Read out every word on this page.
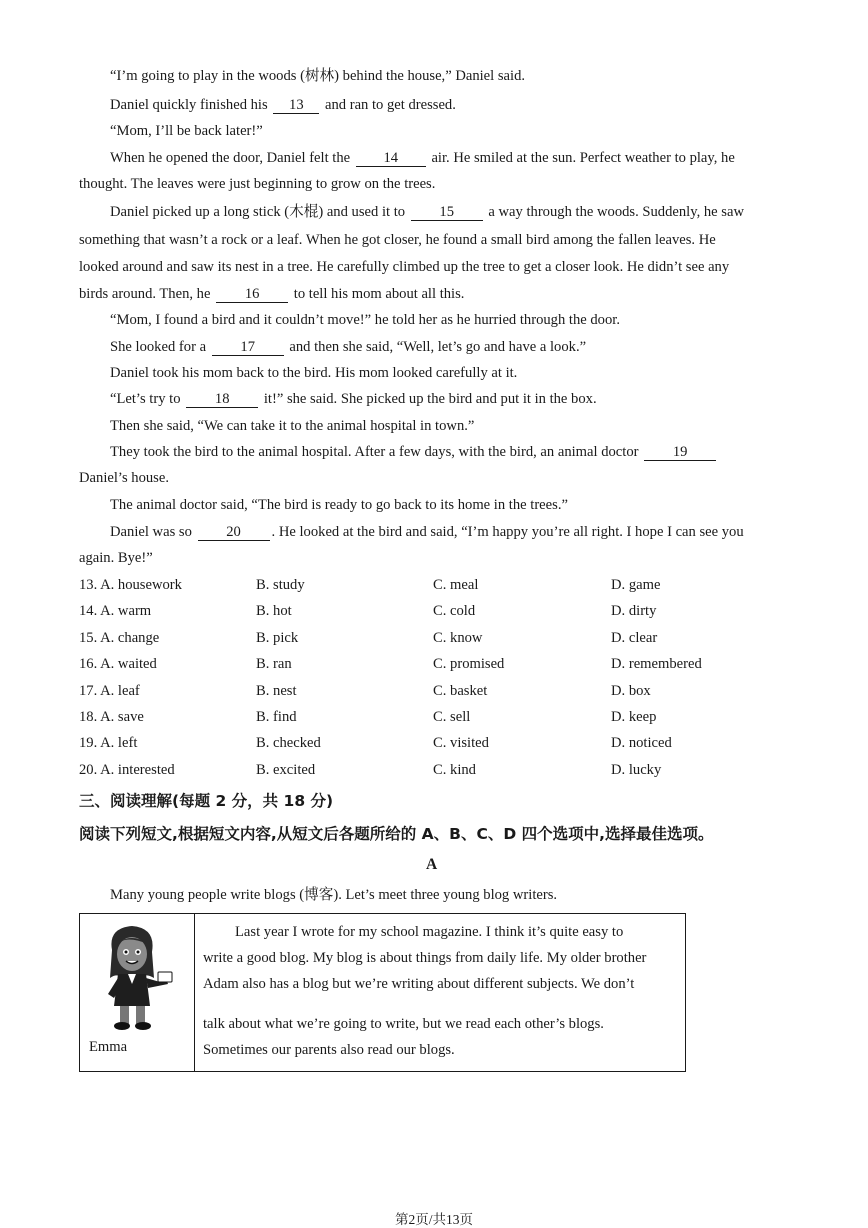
“I’m going to play in the woods (树林) behind the house,” Daniel said.
Daniel quickly finished his 13 and ran to get dressed.
“Mom, I’ll be back later!”
When he opened the door, Daniel felt the 14 air. He smiled at the sun. Perfect weather to play, he
thought. The leaves were just beginning to grow on the trees.
Daniel picked up a long stick (木棍) and used it to 15 a way through the woods. Suddenly, he saw
something that wasn’t a rock or a leaf. When he got closer, he found a small bird among the fallen leaves. He
looked around and saw its nest in a tree. He carefully climbed up the tree to get a closer look. He didn’t see any
birds around. Then, he 16 to tell his mom about all this.
“Mom, I found a bird and it couldn’t move!” he told her as he hurried through the door.
She looked for a 17 and then she said, “Well, let’s go and have a look.”
Daniel took his mom back to the bird. His mom looked carefully at it.
“Let’s try to 18 it!” she said. She picked up the bird and put it in the box.
Then she said, “We can take it to the animal hospital in town.”
They took the bird to the animal hospital. After a few days, with the bird, an animal doctor 19
Daniel’s house.
The animal doctor said, “The bird is ready to go back to its home in the trees.”
Daniel was so 20 . He looked at the bird and said, “I’m happy you’re all right. I hope I can see you
again. Bye!”
13. A. housework	B. study	C. meal	D. game
14. A. warm	B. hot	C. cold	D. dirty
15. A. change	B. pick	C. know	D. clear
16. A. waited	B. ran	C. promised	D. remembered
17. A. leaf	B. nest	C. basket	D. box
18. A. save	B. find	C. sell	D. keep
19. A. left	B. checked	C. visited	D. noticed
20. A. interested	B. excited	C. kind	D. lucky
三、阅读理解(每题 2 分，共 18 分)
阅读下列短文,根据短文内容,从短文后各题所给的 A、B、C、D 四个选项中,选择最佳选项。
A
Many young people write blogs (博客). Let’s meet three young blog writers.
Emma
Last year I wrote for my school magazine. I think it’s quite easy to
write a good blog. My blog is about things from daily life. My older brother
Adam also has a blog but we’re writing about different subjects. We don’t
talk about what we’re going to write, but we read each other’s blogs.
Sometimes our parents also read our blogs.
第2页/共13页
